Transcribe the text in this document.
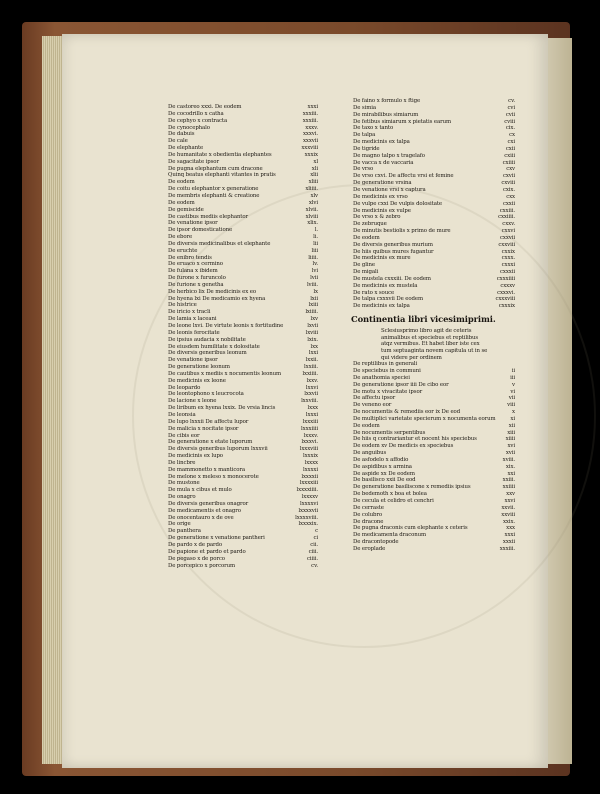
De castoreo xxxi. De eodem	xxxi
De cocodrillo x catha	xxxiii.
De cephyo x contracta	xxxiii.
De cynocephalo	xxxv.
De dabuis	xxxvi.
De cale	xxxvii
De elephante	xxxviii
De humanitate x obedientia elephantes	xxxix
De sagacitate ipsor	xl
De pugna elephantum cum dracone	xli
Quinq beatus elephanti vitantes in pratis	xlii
De eodem	xliii
De coitu elephantor x generatione	xliiii.
De membris elephanti & creatione	xlv
De eodem	xlvi
De gemiscide	xlvii.
De castibus mediis elephantor	xlviii
De venatione ipsor	xlix.
De ipsor domesticatione	l.
De ebore	li.
De diversis medicinalibus et elephante	lii
De eruchte	liii
De enibro tendis	liiii.
De eruaco x cermino	lv.
De fulana x ibidem	lvi
De furone x furuncolo	lvii
De furione x genetha	lviii.
De herbico lix De medicinis ex eo	lx
De hyena lxi De medicamio ex hyena	lxii
De histrice	lxiii
De iricio x tracli	lxiiii.
De lamia x laceani	lxv
De leone lxvi. De virtute leonis x fortitudine	lxvii
De leonis ferocitate	lxviii
De ipsius audacia x nobilitate	lxix.
De eiusdem humilitate x dolositate	lxx
De diversis generibus leonum	lxxi
De venatione ipsor	lxxii.
De generatione leonum	lxxiii.
De cautibus x mediis x nocumentis leonum	lxxiiii.
De medicinis ex leone	lxxv.
De leopardo	lxxvi
De leontophono x leucrocota	lxxvii
De lacione x leone	lxxviii.
De liribum ex hyena lxxix. De vrsia lincis	lxxx
De leonsia	lxxxi
De lupo lxxxii De affectu lupor	lxxxiii
De malicia x nocitate ipsor	lxxxiiii
De cibis eor	lxxxv.
De generatione x etate luporum	lxxxvi.
De diversis generibus luporum lxxxvii	lxxxviii
De medicinis ex lupo	lxxxix
De lincbre	lxxxx
De mammonetto x manticora	lxxxxi
De melone x meleso x monocerote	lxxxxii
De mustone	lxxxxiii
De mula x cibus et mulo	lxxxxiiii.
De onagro	lxxxxv
De diversis generibus onagror	lxxxxvi
De medicamentis et onagro	lxxxxvii
De onocentauro x de ove	lxxxxviii.
De orige	lxxxxix.
De panthera	c
De generatione x venatione pantheri	ci
De pardo x de pardo	cii.
De papione et pardo et pardo	ciii.
De pegaso x de porco	ciiii.
De porcepico x porcorum	cv.
De faino x formulo x ftige	cv.
De simia	cvi
De mirabilibus simiarum	cvii
De fetibus simiarum x pietatis earum	cviii
De taxo x tanto	cix.
De talpa	cx
De medicinis ex talpa	cxi
De tigride	cxii
De magno talpo x tragelafo	cxiii
De vacca x de vaccaria	cxiiii
De vrso	cxv
De vrso cxvi. De affectu vrsi et femine	cxvii
De generatione vrsina	cxviii
De venatione vrsi x captura	cxix.
De medicinis ex vrso	cxx
De vulpe cxxi De vulpis dolositate	cxxii
De medicinis ex vulpe	cxxiii.
De vrso x & zebro	cxxiiii.
De zebruque	cxxv.
De minutis bestiolis x primo de mure	cxxvi
De eodem	cxxvii
De diversis generibus murium	cxxviii
De hiis quibus mures fugantur	cxxix
De medicinis ex mure	cxxx.
De gline	cxxxi
De migali	cxxxii
De mustela cxxxiii. De eodem	cxxxiiii
De medicinis ex mustela	cxxxv
De rato x souce	cxxxvi.
De talpa cxxxvii De eodem	cxxxviii
De medicinis ex talpa	cxxxix
Continentia libri vicesimiprimi.
Sclesiusprimo libro agit de ceteris
animalibus et speciebus et reptilibus
atqz vermibus. Et habet liber iste cex
tum septuaginta novem capitula ut in se
qui videre per ordinem
De reptilibus in generali
De speciebus in communi	ii
De anathomia speciei	iii
De generatione ipsor iiii De cibo eor	v
De motu x vivacitate ipsor	vi
De affectu ipsor	vii
De veneno eor	viii
De nocumentis & remediis eor ix De eod	x
De multiplici varietate specierum x nocumenta eorum	xi
De eodem	xii
De nocumentis serpentibus	xiii
De hiis q contrariantur et nocent his speciebus	xiiii
De eodem xv De medicis ex speciebus	xvi
De anguibus	xvii
De asfodelo x affodio	xviii.
De aspidibus x armina	xix.
De aspide xx De eodem	xxi
De basilisco xxii De eod	xxiii.
De generatione basiliscone x remediis ipsius	xxiiii
De bedemoth x boa et bolea	xxv
De cecula et celidro et cenchri	xxvi
De cerraste	xxvii.
De colubro	xxviii
De dracone	xxix.
De pugna draconis cum elephante x ceteris	xxx
De medicamenta draconum	xxxi
De dracontopode	xxxii
De eroplade	xxxiii.
